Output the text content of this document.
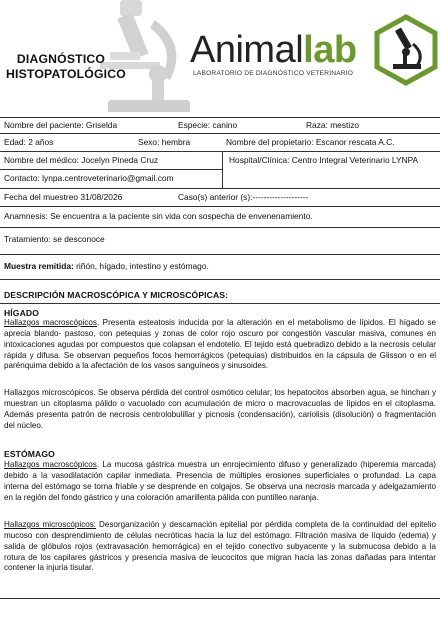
DIAGNÓSTICO
HISTOPATOLÓGICO
Animallab
LABORATORIO DE DIAGNÓSTICO VETERINARIO
Nombre del paciente: Griselda	Especie: canino	Raza: mestizo
Edad: 2 años	Sexo: hembra	Nombre del propietario: Escanor rescata A.C.
Nombre del médico: Jocelyn Pineda Cruz	Hospital/Clínica: Centro Integral Veterinario LYNPA
Contacto: lynpa.centroveterinario@gmail.com
Fecha del muestreo 31/08/2026	Caso(s) anterior (s):--------------------
Anamnesis: Se encuentra a la paciente sin vida con sospecha de envenenamiento.
Tratamiento: se desconoce
Muestra remitida: riñón, hígado, intestino y estómago.
DESCRIPCIÓN MACROSCÓPICA Y MICROSCÓPICAS:
HÍGADO
Hallazgos macroscópicos. Presenta esteatosis inducida por la alteración en el metabolismo de lípidos. El hígado se aprecia blando- pastoso, con petequias y zonas de color rojo oscuro por congestión vascular masiva, comunes en intoxicaciones agudas por compuestos que colapsan el endotelio. El tejido está quebradizo debido a la necrosis celular rápida y difusa. Se observan pequeños focos hemorrágicos (petequias) distribuidos en la cápsula de Glisson o en el parénquima debido a la afectación de los vasos sanguíneos y sinusoides.
Hallazgos microscópicos. Se observa pérdida del control osmótico celular; los hepatocitos absorben agua, se hinchan y muestran un citoplasma pálido o vacuolado con acumulación de micro o macrovacuolas de lípidos en el citoplasma. Además presenta patrón de necrosis centrolobulillar y picnosis (condensación), cariolisis (disolución) o fragmentación del núcleo.
ESTÓMAGO
Hallazgos macroscópicos. La mucosa gástrica muestra un enrojecimiento difuso y generalizado (hiperemia marcada) debido a la vasodilatación capilar inmediata. Presencia de múltiples erosiones superficiales o profundad. La capa interna del estómago se torna friable y se desprende en colgajos. Se observa una necrosis marcada y adelgazamiento en la región del fondo gástrico y una coloración amarillenta pálida con puntilleo naranja.
Hallazgos microscópicos: Desorganización y descamación epitelial por pérdida completa de la continuidad del epitelio mucoso con desprendimiento de células necróticas hacia la luz del estómago. Filtración masiva de líquido (edema) y salida de glóbulos rojos (extravasación hemorrágica) en el tejido conectivo subyacente y la submucosa debido a la rotura de los capilares gástricos y presencia masiva de leucocitos que migran hacia las zonas dañadas para intentar contener la injuria tisular.
